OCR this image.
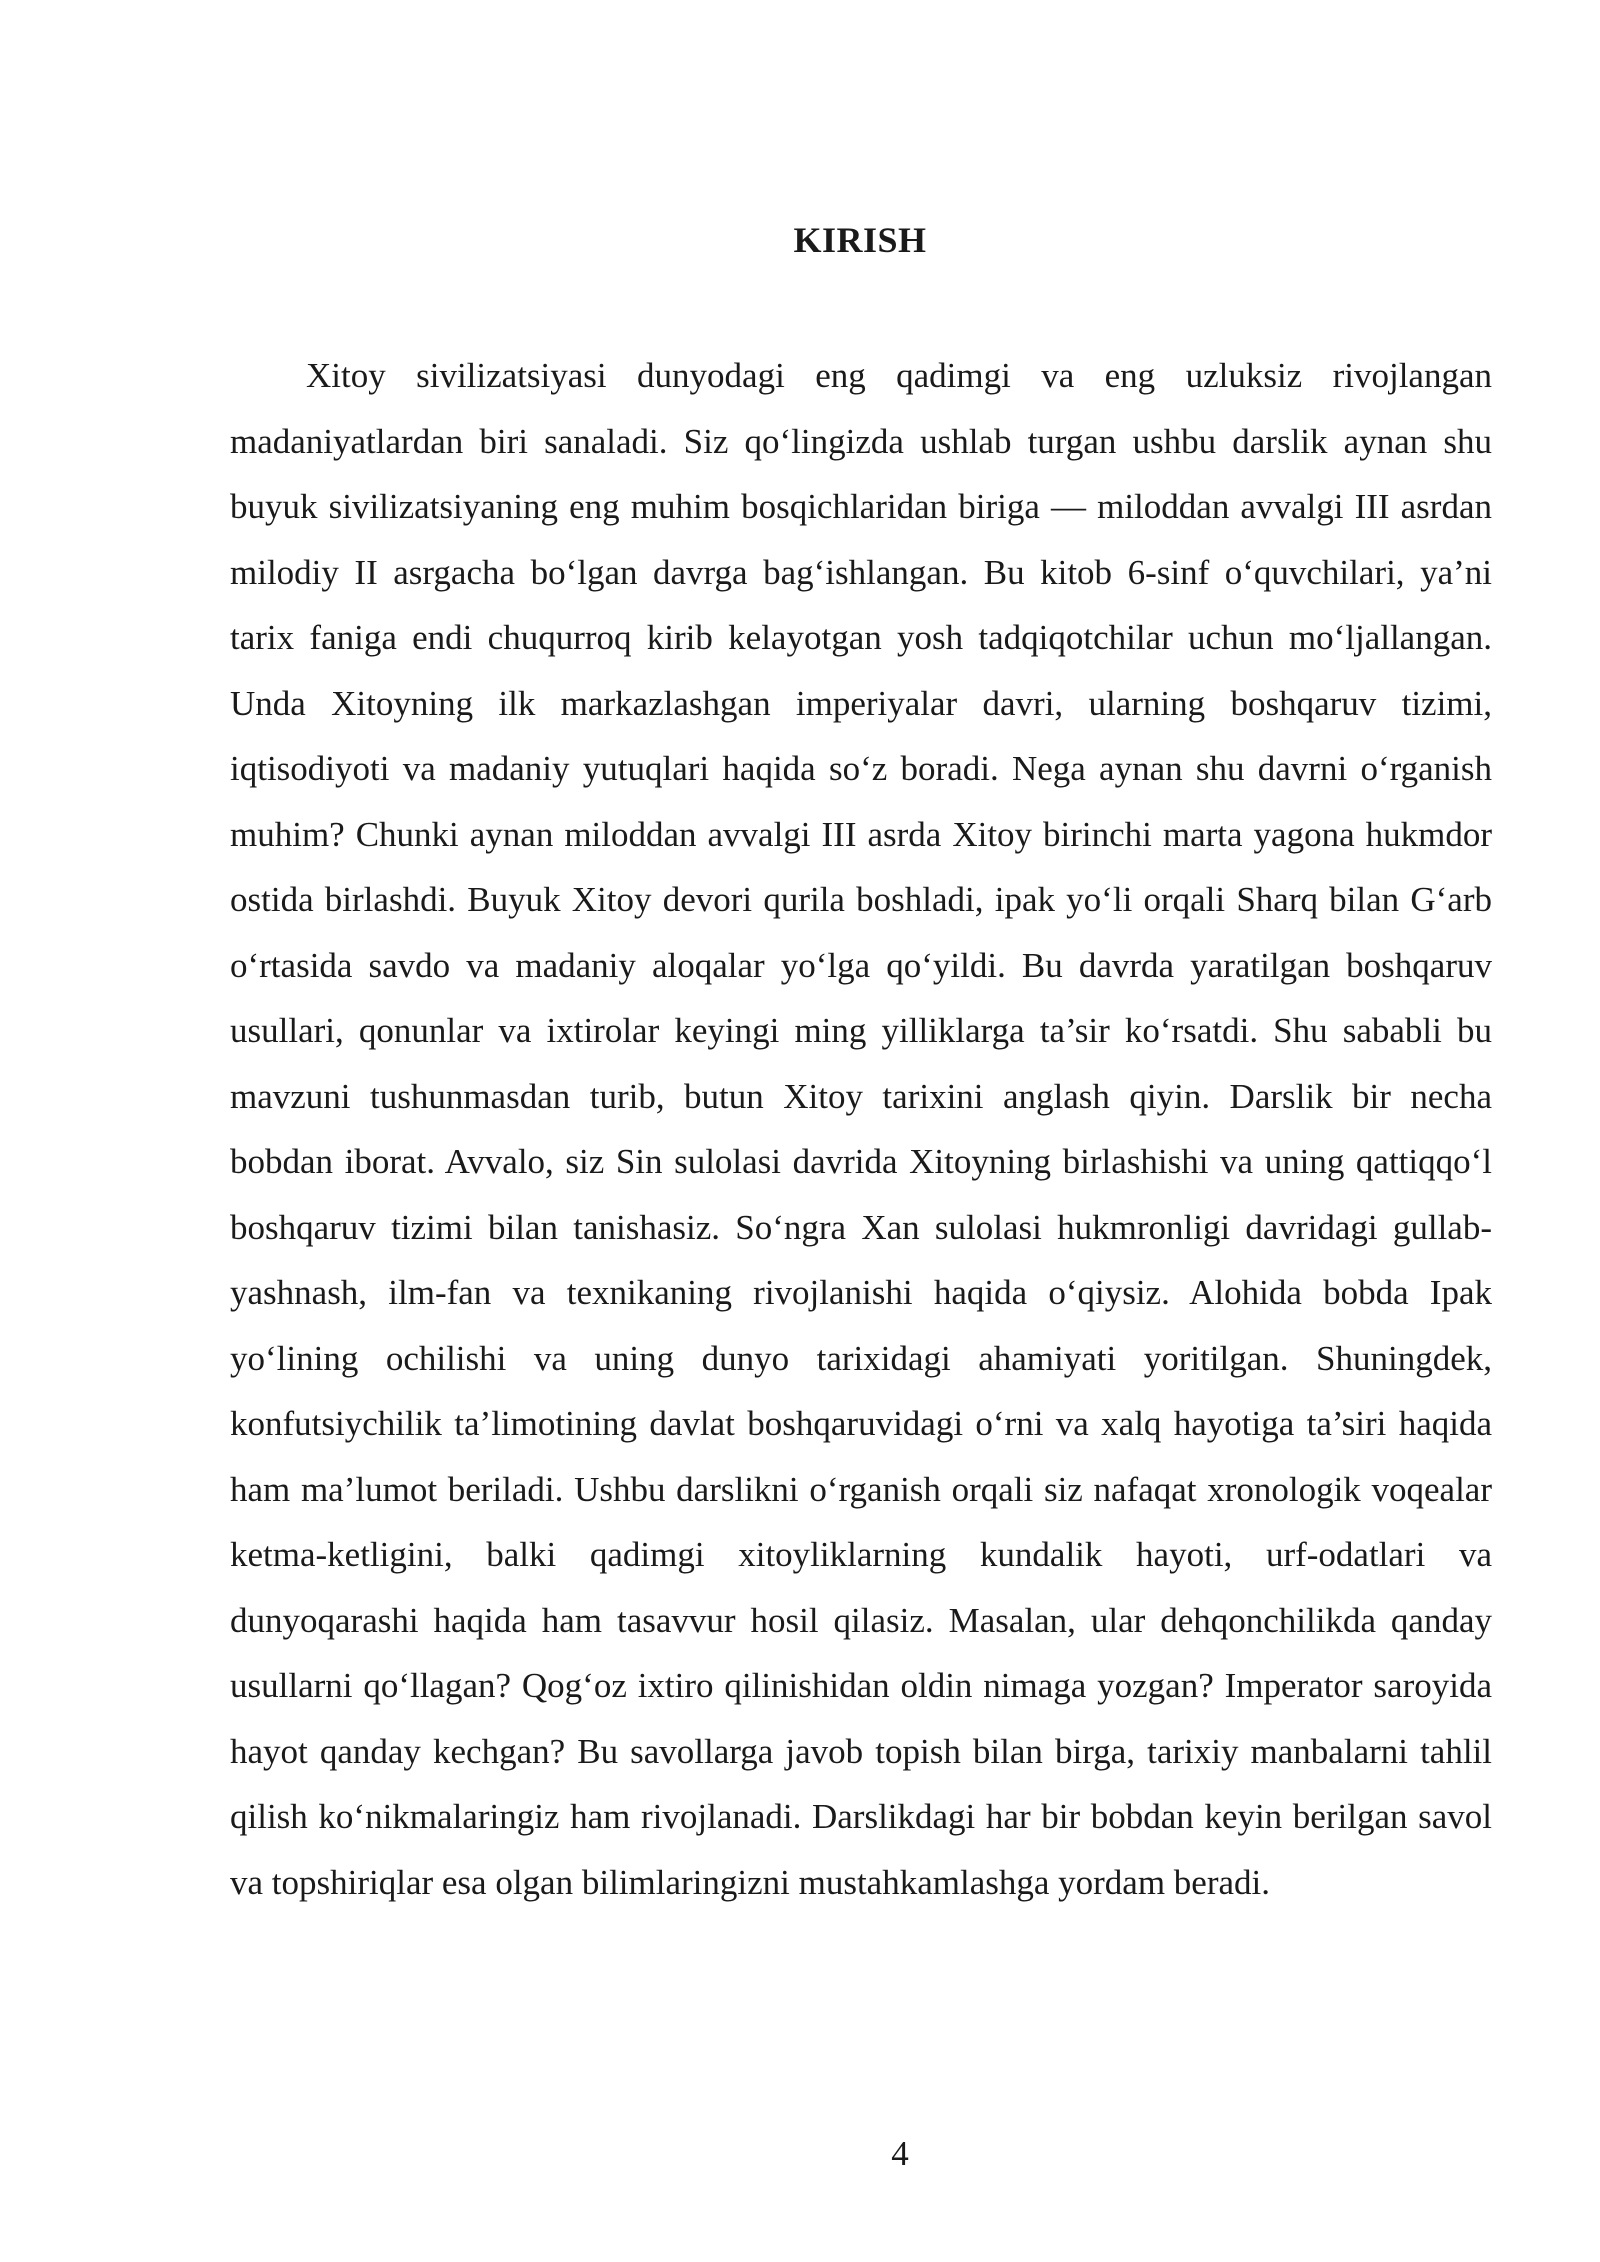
KIRISH

Xitoy sivilizatsiyasi dunyodagi eng qadimgi va eng uzluksiz rivojlangan madaniyatlardan biri sanaladi. Siz qo‘lingizda ushlab turgan ushbu darslik aynan shu buyuk sivilizatsiyaning eng muhim bosqichlaridan biriga — miloddan avvalgi III asrdan milodiy II asrgacha bo‘lgan davrga bag‘ishlangan. Bu kitob 6-sinf o‘quvchilari, ya’ni tarix faniga endi chuqurroq kirib kelayotgan yosh tadqiqotchilar uchun mo‘ljallangan. Unda Xitoyning ilk markazlashgan imperiyalar davri, ularning boshqaruv tizimi, iqtisodiyoti va madaniy yutuqlari haqida so‘z boradi. Nega aynan shu davrni o‘rganish muhim? Chunki aynan miloddan avvalgi III asrda Xitoy birinchi marta yagona hukmdor ostida birlashdi. Buyuk Xitoy devori qurila boshladi, ipak yo‘li orqali Sharq bilan G‘arb o‘rtasida savdo va madaniy aloqalar yo‘lga qo‘yildi. Bu davrda yaratilgan boshqaruv usullari, qonunlar va ixtirolar keyingi ming yilliklarga ta’sir ko‘rsatdi. Shu sababli bu mavzuni tushunmasdan turib, butun Xitoy tarixini anglash qiyin. Darslik bir necha bobdan iborat. Avvalo, siz Sin sulolasi davrida Xitoyning birlashishi va uning qattiqqo‘l boshqaruv tizimi bilan tanishasiz. So‘ngra Xan sulolasi hukmronligi davridagi gullab-yashnash, ilm-fan va texnikaning rivojlanishi haqida o‘qiysiz. Alohida bobda Ipak yo‘lining ochilishi va uning dunyo tarixidagi ahamiyati yoritilgan. Shuningdek, konfutsiychilik ta’limotining davlat boshqaruvidagi o‘rni va xalq hayotiga ta’siri haqida ham ma’lumot beriladi. Ushbu darslikni o‘rganish orqali siz nafaqat xronologik voqealar ketma-ketligini, balki qadimgi xitoyliklarning kundalik hayoti, urf-odatlari va dunyoqarashi haqida ham tasavvur hosil qilasiz. Masalan, ular dehqonchilikda qanday usullarni qo‘llagan? Qog‘oz ixtiro qilinishidan oldin nimaga yozgan? Imperator saroyida hayot qanday kechgan? Bu savollarga javob topish bilan birga, tarixiy manbalarni tahlil qilish ko‘nikmalaringiz ham rivojlanadi. Darslikdagi har bir bobdan keyin berilgan savol va topshiriqlar esa olgan bilimlaringizni mustahkamlashga yordam beradi.

4
